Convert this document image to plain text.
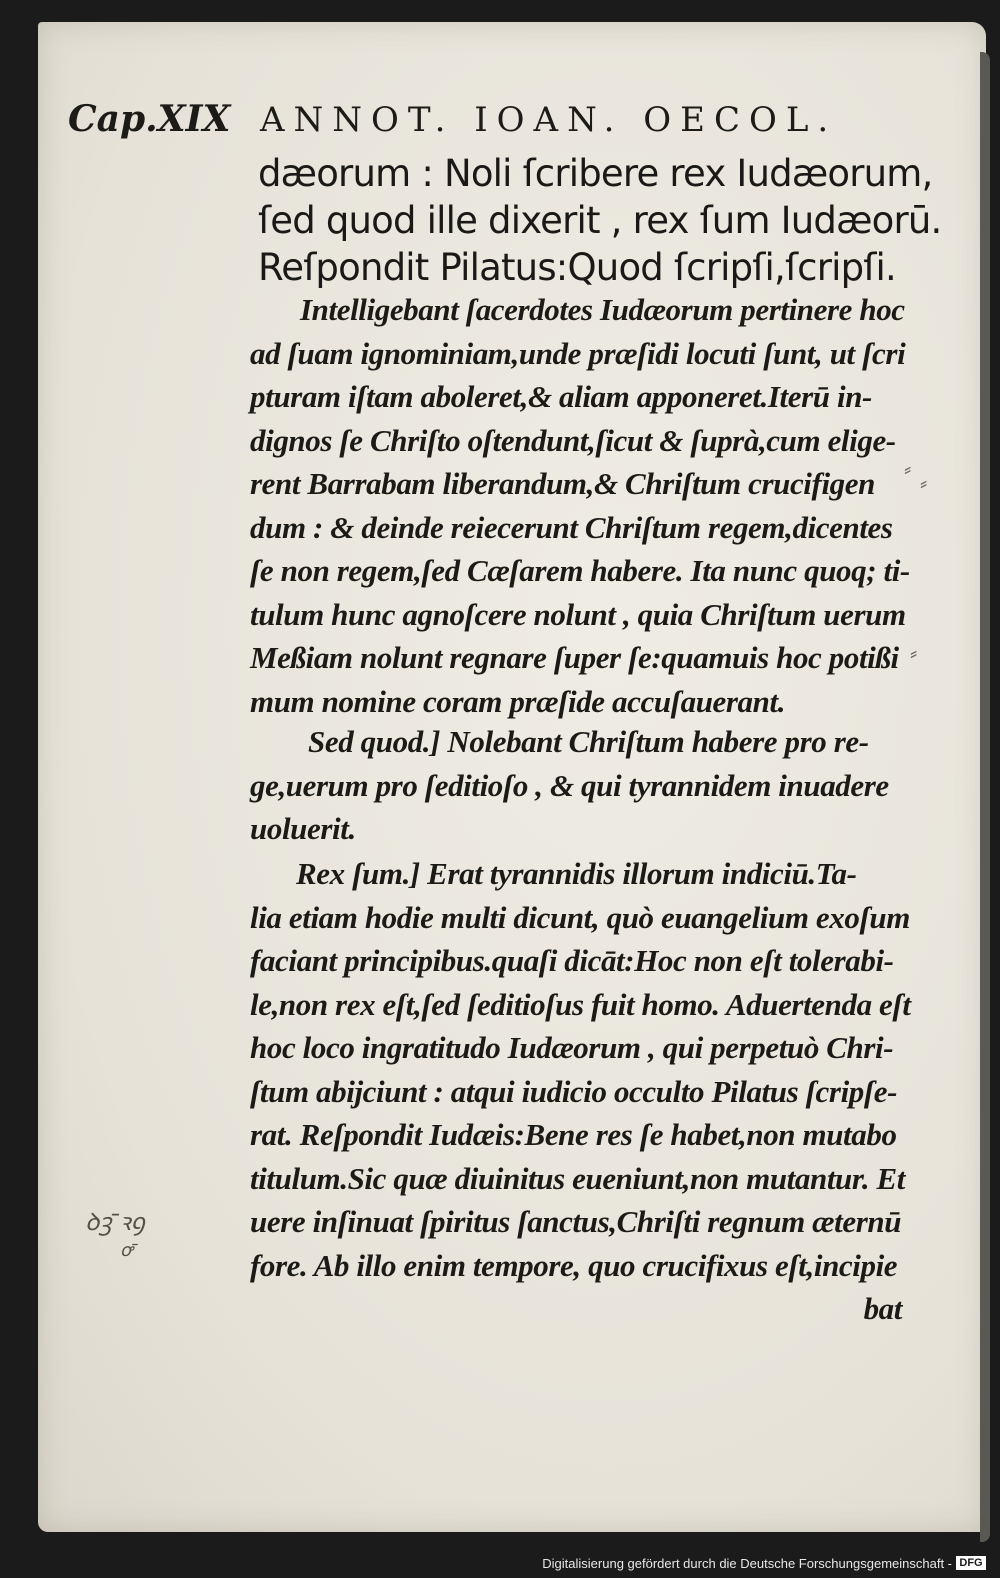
Cap.XIX ANNOT. IOAN. OECOL.
dæorum : Noli ſcribere rex Iudæorum,
ſed quod ille dixerit , rex ſum Iudæorū.
Reſpondit Pilatus:Quod ſcripſi,ſcripſi.
Intelligebant ſacerdotes Iudæorum pertinere hoc
ad ſuam ignominiam,unde præſidi locuti ſunt, ut ſcri
pturam iſtam aboleret,& aliam apponeret.Iterū in-
dignos ſe Chriſto oſtendunt,ſicut & ſuprà,cum elige-
rent Barrabam liberandum,& Chriſtum crucifigen
dum : & deinde reiecerunt Chriſtum regem,dicentes
ſe non regem,ſed Cæſarem habere. Ita nunc quoq; ti-
tulum hunc agnoſcere nolunt , quia Chriſtum uerum
Meßiam nolunt regnare ſuper ſe:quamuis hoc potißi
mum nomine coram præſide accuſauerant.
Sed quod.] Nolebant Chriſtum habere pro re-
ge,uerum pro ſeditioſo , & qui tyrannidem inuadere
uoluerit.
Rex ſum.] Erat tyrannidis illorum indiciū.Ta-
lia etiam hodie multi dicunt, quò euangelium exoſum
faciant principibus.quaſi dicāt:Hoc non eſt tolerabi-
le,non rex eſt,ſed ſeditioſus fuit homo. Aduertenda eſt
hoc loco ingratitudo Iudæorum , qui perpetuò Chri-
ſtum abijciunt : atqui iudicio occulto Pilatus ſcripſe-
rat. Reſpondit Iudæis:Bene res ſe habet,non mutabo
titulum.Sic quæ diuinitus eueniunt,non mutantur. Et
uere inſinuat ſpiritus ſanctus,Chriſti regnum æternū
fore. Ab illo enim tempore, quo crucifixus eſt,incipie
bat
ꝺꝫ̄ ꝛꝯ
ꝍ̄
⸗
⸗
⸗
Digitalisierung gefördert durch die Deutsche Forschungsgemeinschaft - DFG
